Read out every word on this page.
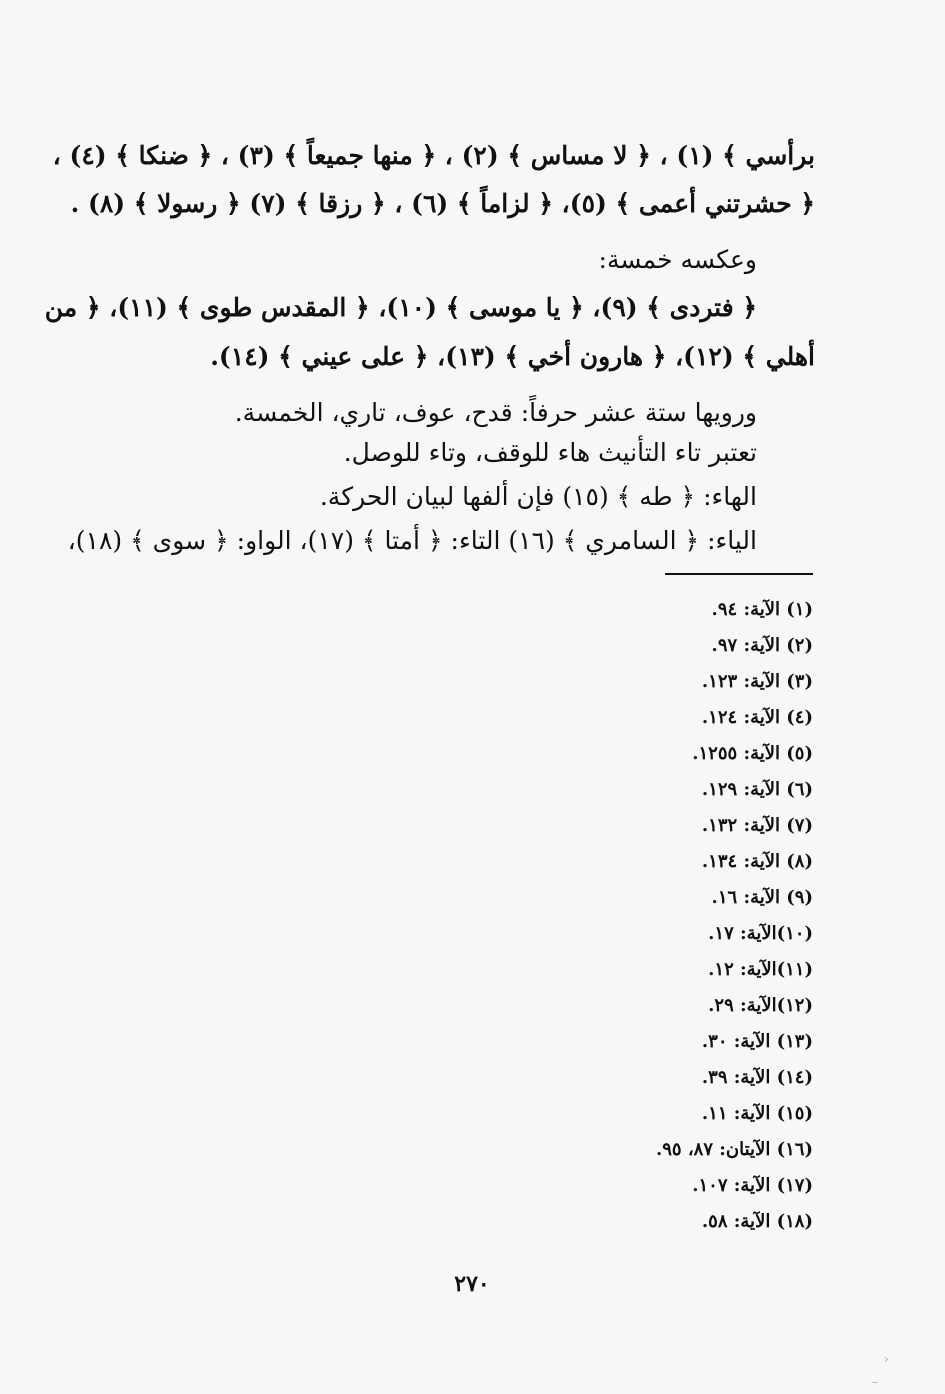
برأسي ﴾ (١) ، ﴿ لا مساس ﴾ (٢) ، ﴿ منها جميعاً ﴾ (٣) ، ﴿ ضنكا ﴾ (٤) ،
﴿ حشرتني أعمى ﴾ (٥)، ﴿ لزاماً ﴾ (٦) ، ﴿ رزقا ﴾ (٧) ﴿ رسولا ﴾ (٨) .
وعكسه خمسة:
﴿ فتردى ﴾ (٩)، ﴿ يا موسى ﴾ (١٠)، ﴿ المقدس طوى ﴾ (١١)، ﴿ من
أهلي ﴾ (١٢)، ﴿ هارون أخي ﴾ (١٣)، ﴿ على عيني ﴾ (١٤).
ورويها ستة عشر حرفاً: قدح، عوف، تاري، الخمسة.
تعتبر تاء التأنيث هاء للوقف، وتاء للوصل.
الهاء: ﴿ طه ﴾ (١٥) فإن ألفها لبيان الحركة.
الياء: ﴿ السامري ﴾ (١٦) التاء: ﴿ أمتا ﴾ (١٧)، الواو: ﴿ سوى ﴾ (١٨)،
(١) الآية: ٩٤.
(٢) الآية: ٩٧.
(٣) الآية: ١٢٣.
(٤) الآية: ١٢٤.
(٥) الآية: ١٢٥٥.
(٦) الآية: ١٢٩.
(٧) الآية: ١٣٢.
(٨) الآية: ١٣٤.
(٩) الآية: ١٦.
(١٠)الآية: ١٧.
(١١)الآية: ١٢.
(١٢)الآية: ٢٩.
(١٣) الآية: ٣٠.
(١٤) الآية: ٣٩.
(١٥) الآية: ١١.
(١٦) الآيتان: ٨٧، ٩٥.
(١٧) الآية: ١٠٧.
(١٨) الآية: ٥٨.
٢٧٠
›
–
